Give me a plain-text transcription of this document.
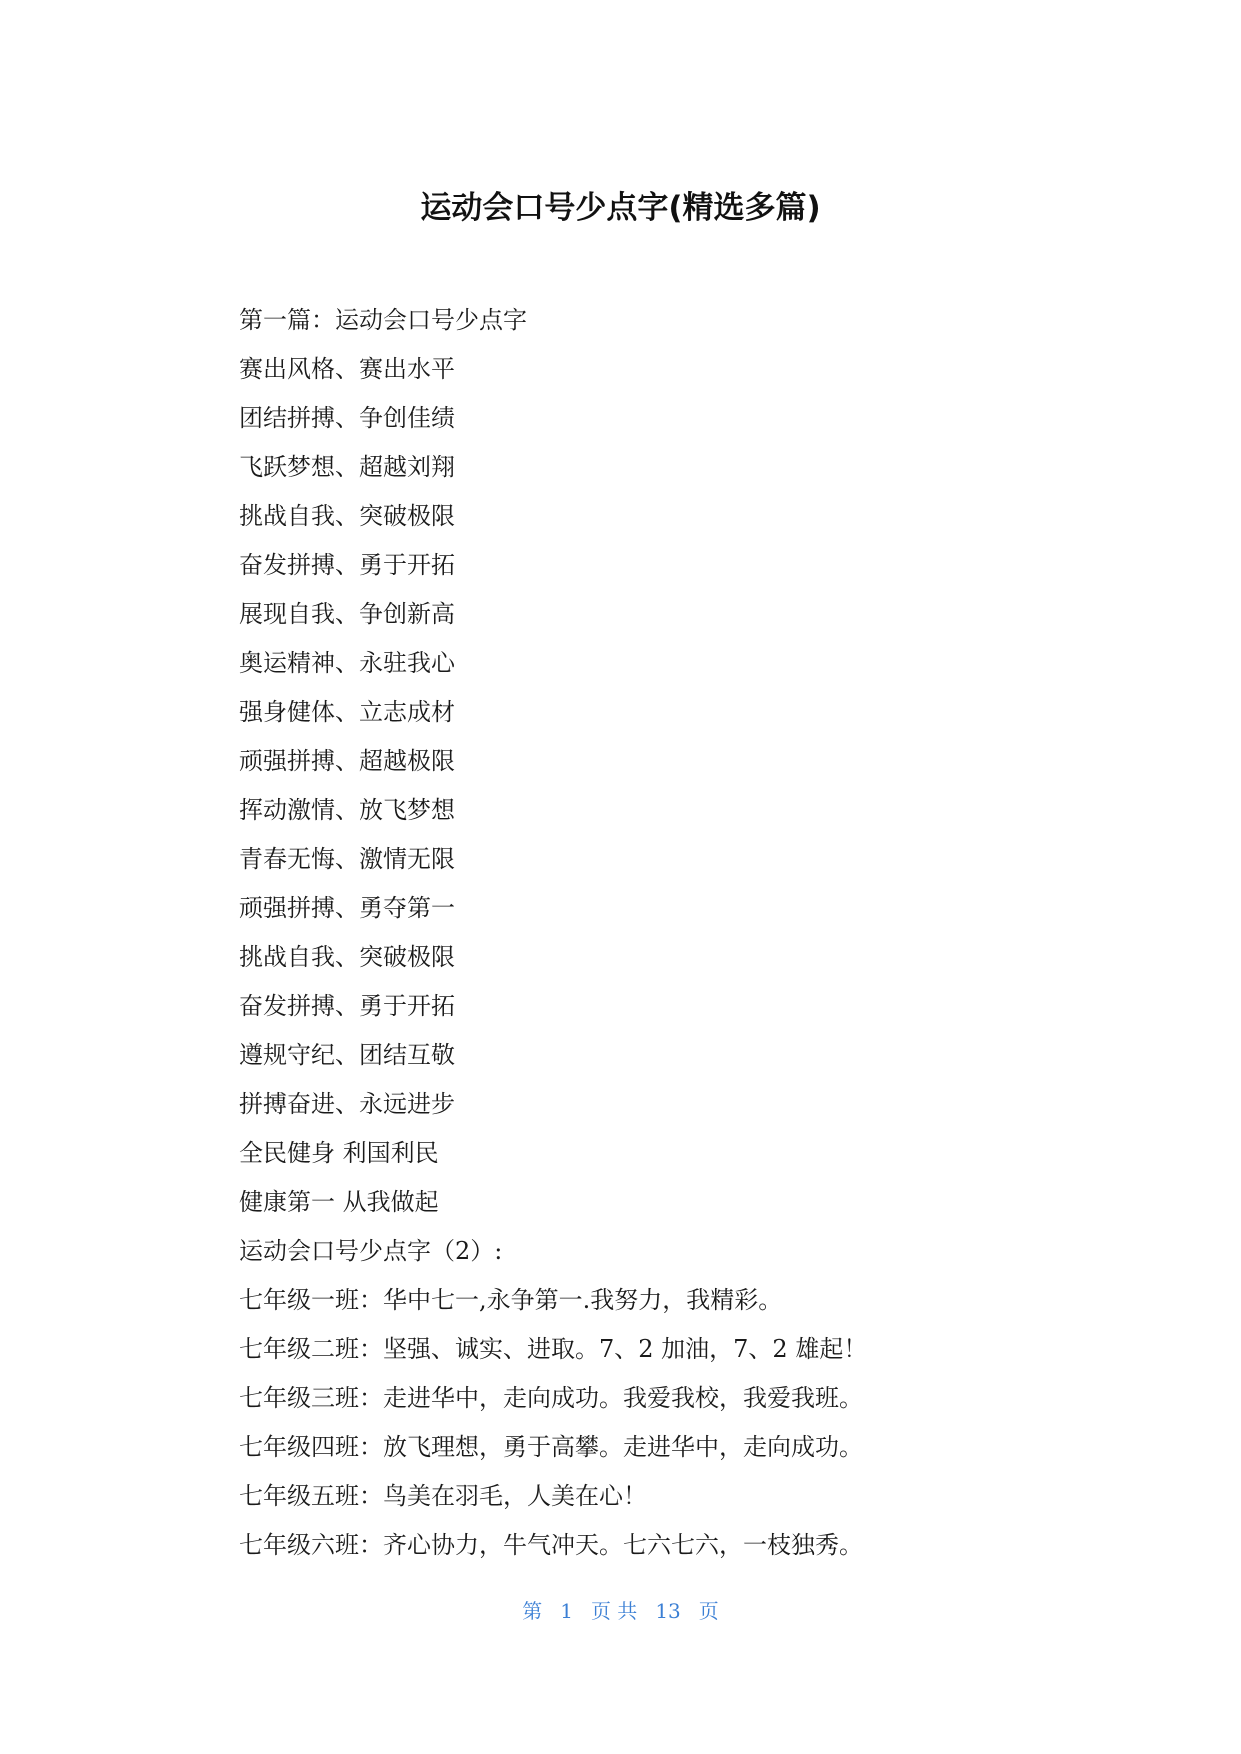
运动会口号少点字(精选多篇)
第一篇：运动会口号少点字
赛出风格、赛出水平
团结拼搏、争创佳绩
飞跃梦想、超越刘翔
挑战自我、突破极限
奋发拼搏、勇于开拓
展现自我、争创新高
奥运精神、永驻我心
强身健体、立志成材
顽强拼搏、超越极限
挥动激情、放飞梦想
青春无悔、激情无限
顽强拼搏、勇夺第一
挑战自我、突破极限
奋发拼搏、勇于开拓
遵规守纪、团结互敬
拼搏奋进、永远进步
全民健身 利国利民
健康第一 从我做起
运动会口号少点字（2）:
七年级一班：华中七一,永争第一.我努力，我精彩。
七年级二班：坚强、诚实、进取。7、2 加油，7、2 雄起！
七年级三班：走进华中，走向成功。我爱我校，我爱我班。
七年级四班：放飞理想，勇于高攀。走进华中，走向成功。
七年级五班：鸟美在羽毛，人美在心！
七年级六班：齐心协力，牛气冲天。七六七六，一枝独秀。
第 1 页 共 13 页
